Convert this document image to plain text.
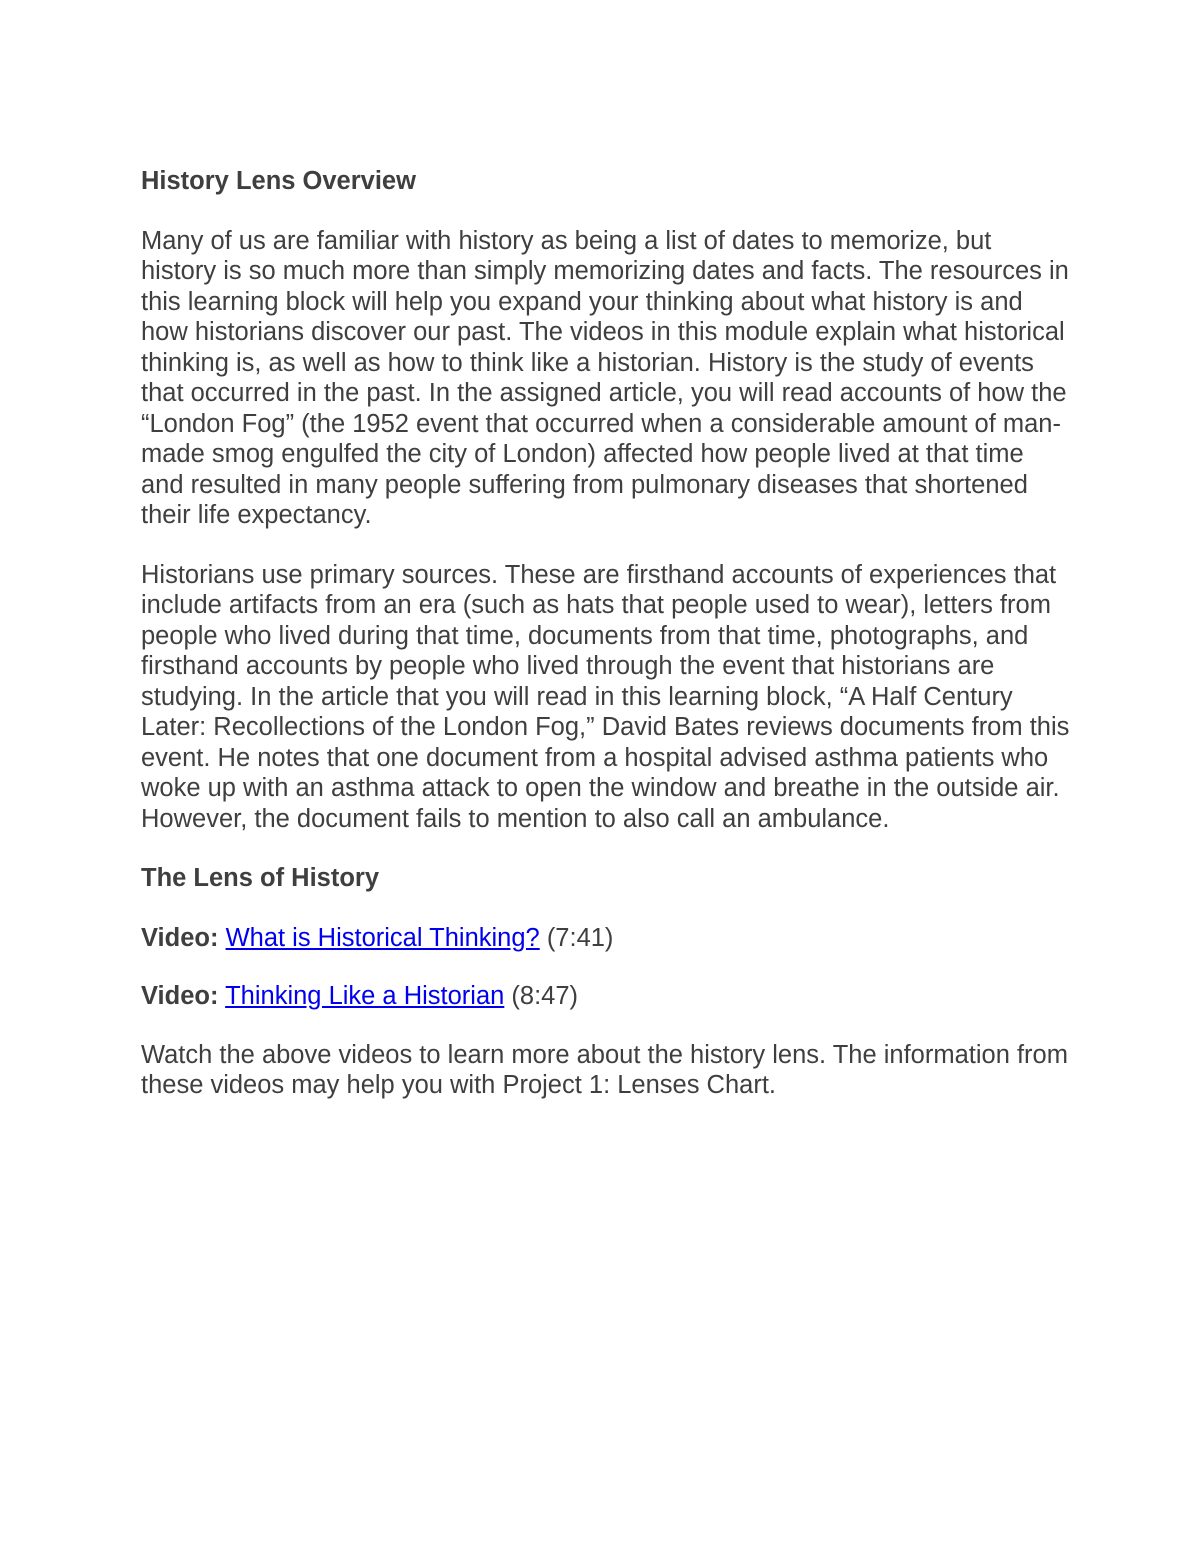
History Lens Overview

Many of us are familiar with history as being a list of dates to memorize, but history is so much more than simply memorizing dates and facts. The resources in this learning block will help you expand your thinking about what history is and how historians discover our past. The videos in this module explain what historical thinking is, as well as how to think like a historian. History is the study of events that occurred in the past. In the assigned article, you will read accounts of how the “London Fog” (the 1952 event that occurred when a considerable amount of man-made smog engulfed the city of London) affected how people lived at that time and resulted in many people suffering from pulmonary diseases that shortened their life expectancy.

Historians use primary sources. These are firsthand accounts of experiences that include artifacts from an era (such as hats that people used to wear), letters from people who lived during that time, documents from that time, photographs, and firsthand accounts by people who lived through the event that historians are studying. In the article that you will read in this learning block, “A Half Century Later: Recollections of the London Fog,” David Bates reviews documents from this event. He notes that one document from a hospital advised asthma patients who woke up with an asthma attack to open the window and breathe in the outside air. However, the document fails to mention to also call an ambulance.

The Lens of History

Video: What is Historical Thinking? (7:41)

Video: Thinking Like a Historian (8:47)

Watch the above videos to learn more about the history lens. The information from these videos may help you with Project 1: Lenses Chart.
